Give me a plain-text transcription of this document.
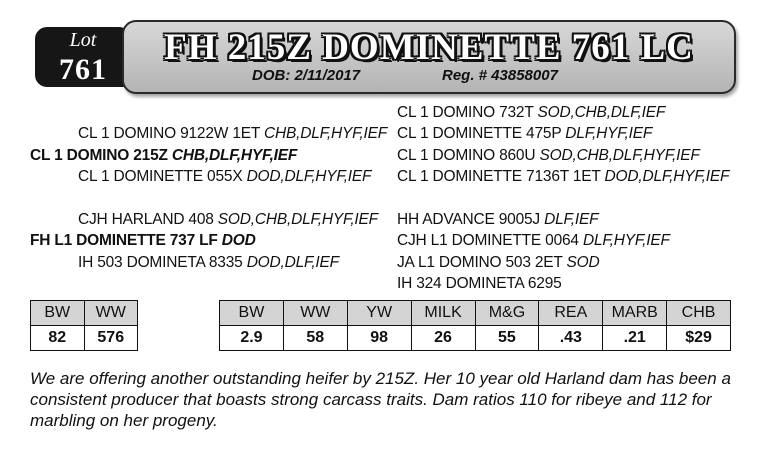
Lot
761
FH 215Z DOMINETTE 761 LC
DOB: 2/11/2017	Reg. # 43858007
CL 1 DOMINO 732T SOD,CHB,DLF,IEF
CL 1 DOMINO 9122W 1ET CHB,DLF,HYF,IEF CL 1 DOMINETTE 475P DLF,HYF,IEF
CL 1 DOMINO 215Z CHB,DLF,HYF,IEF	CL 1 DOMINO 860U SOD,CHB,DLF,HYF,IEF
CL 1 DOMINETTE 055X DOD,DLF,HYF,IEF CL 1 DOMINETTE 7136T 1ET DOD,DLF,HYF,IEF
CJH HARLAND 408 SOD,CHB,DLF,HYF,IEF HH ADVANCE 9005J DLF,IEF
FH L1 DOMINETTE 737 LF DOD	CJH L1 DOMINETTE 0064 DLF,HYF,IEF
IH 503 DOMINETA 8335 DOD,DLF,IEF	JA L1 DOMINO 503 2ET SOD
IH 324 DOMINETA 6295
BW	WW
82	576
BW	WW	YW	MILK	M&G	REA	MARB	CHB
2.9	58	98	26	55	.43	.21	$29
We are offering another outstanding heifer by 215Z. Her 10 year old Harland dam has been a consistent producer that boasts strong carcass traits. Dam ratios 110 for ribeye and 112 for marbling on her progeny.
